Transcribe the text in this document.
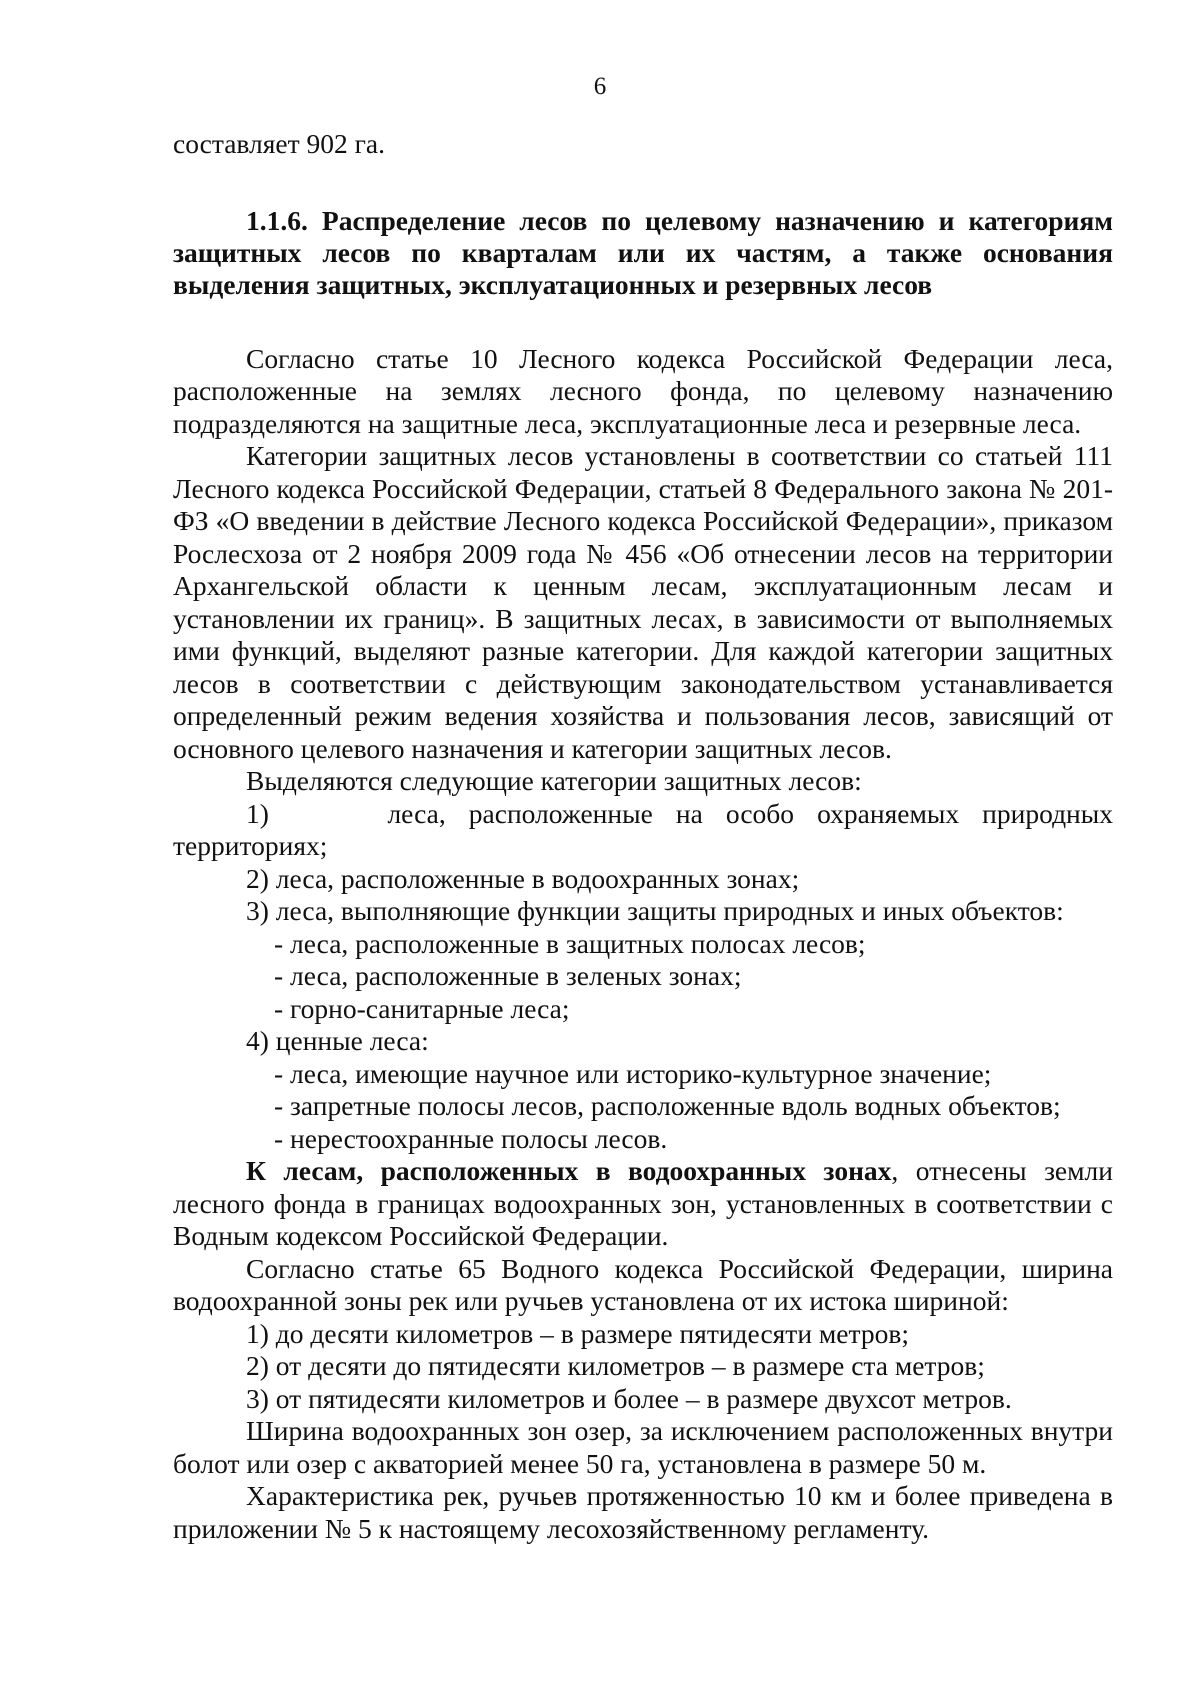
6

составляет 902 га.

1.1.6. Распределение лесов по целевому назначению и категориям защитных лесов по кварталам или их частям, а также основания выделения защитных, эксплуатационных и резервных лесов

Согласно статье 10 Лесного кодекса Российской Федерации леса, расположенные на землях лесного фонда, по целевому назначению подразделяются на защитные леса, эксплуатационные леса и резервные леса.

Категории защитных лесов установлены в соответствии со статьей 111 Лесного кодекса Российской Федерации, статьей 8 Федерального закона № 201-ФЗ «О введении в действие Лесного кодекса Российской Федерации», приказом Рослесхоза от 2 ноября 2009 года № 456 «Об отнесении лесов на территории Архангельской области к ценным лесам, эксплуатационным лесам и установлении их границ». В защитных лесах, в зависимости от выполняемых ими функций, выделяют разные категории. Для каждой категории защитных лесов в соответствии с действующим законодательством устанавливается определенный режим ведения хозяйства и пользования лесов, зависящий от основного целевого назначения и категории защитных лесов.

Выделяются следующие категории защитных лесов:

1)	леса, расположенные на особо охраняемых природных

территориях;

2) леса, расположенные в водоохранных зонах;

3) леса, выполняющие функции защиты природных и иных объектов:

- леса, расположенные в защитных полосах лесов;

- леса, расположенные в зеленых зонах;

- горно-санитарные леса;

4) ценные леса:

- леса, имеющие научное или историко-культурное значение;

- запретные полосы лесов, расположенные вдоль водных объектов;

- нерестоохранные полосы лесов.

К лесам, расположенных в водоохранных зонах, отнесены земли лесного фонда в границах водоохранных зон, установленных в соответствии с Водным кодексом Российской Федерации.

Согласно статье 65 Водного кодекса Российской Федерации, ширина водоохранной зоны рек или ручьев установлена от их истока шириной:

1) до десяти километров – в размере пятидесяти метров;

2) от десяти до пятидесяти километров – в размере ста метров;

3) от пятидесяти километров и более – в размере двухсот метров.

Ширина водоохранных зон озер, за исключением расположенных внутри болот или озер с акваторией менее 50 га, установлена в размере 50 м.

Характеристика рек, ручьев протяженностью 10 км и более приведена в приложении № 5 к настоящему лесохозяйственному регламенту.
